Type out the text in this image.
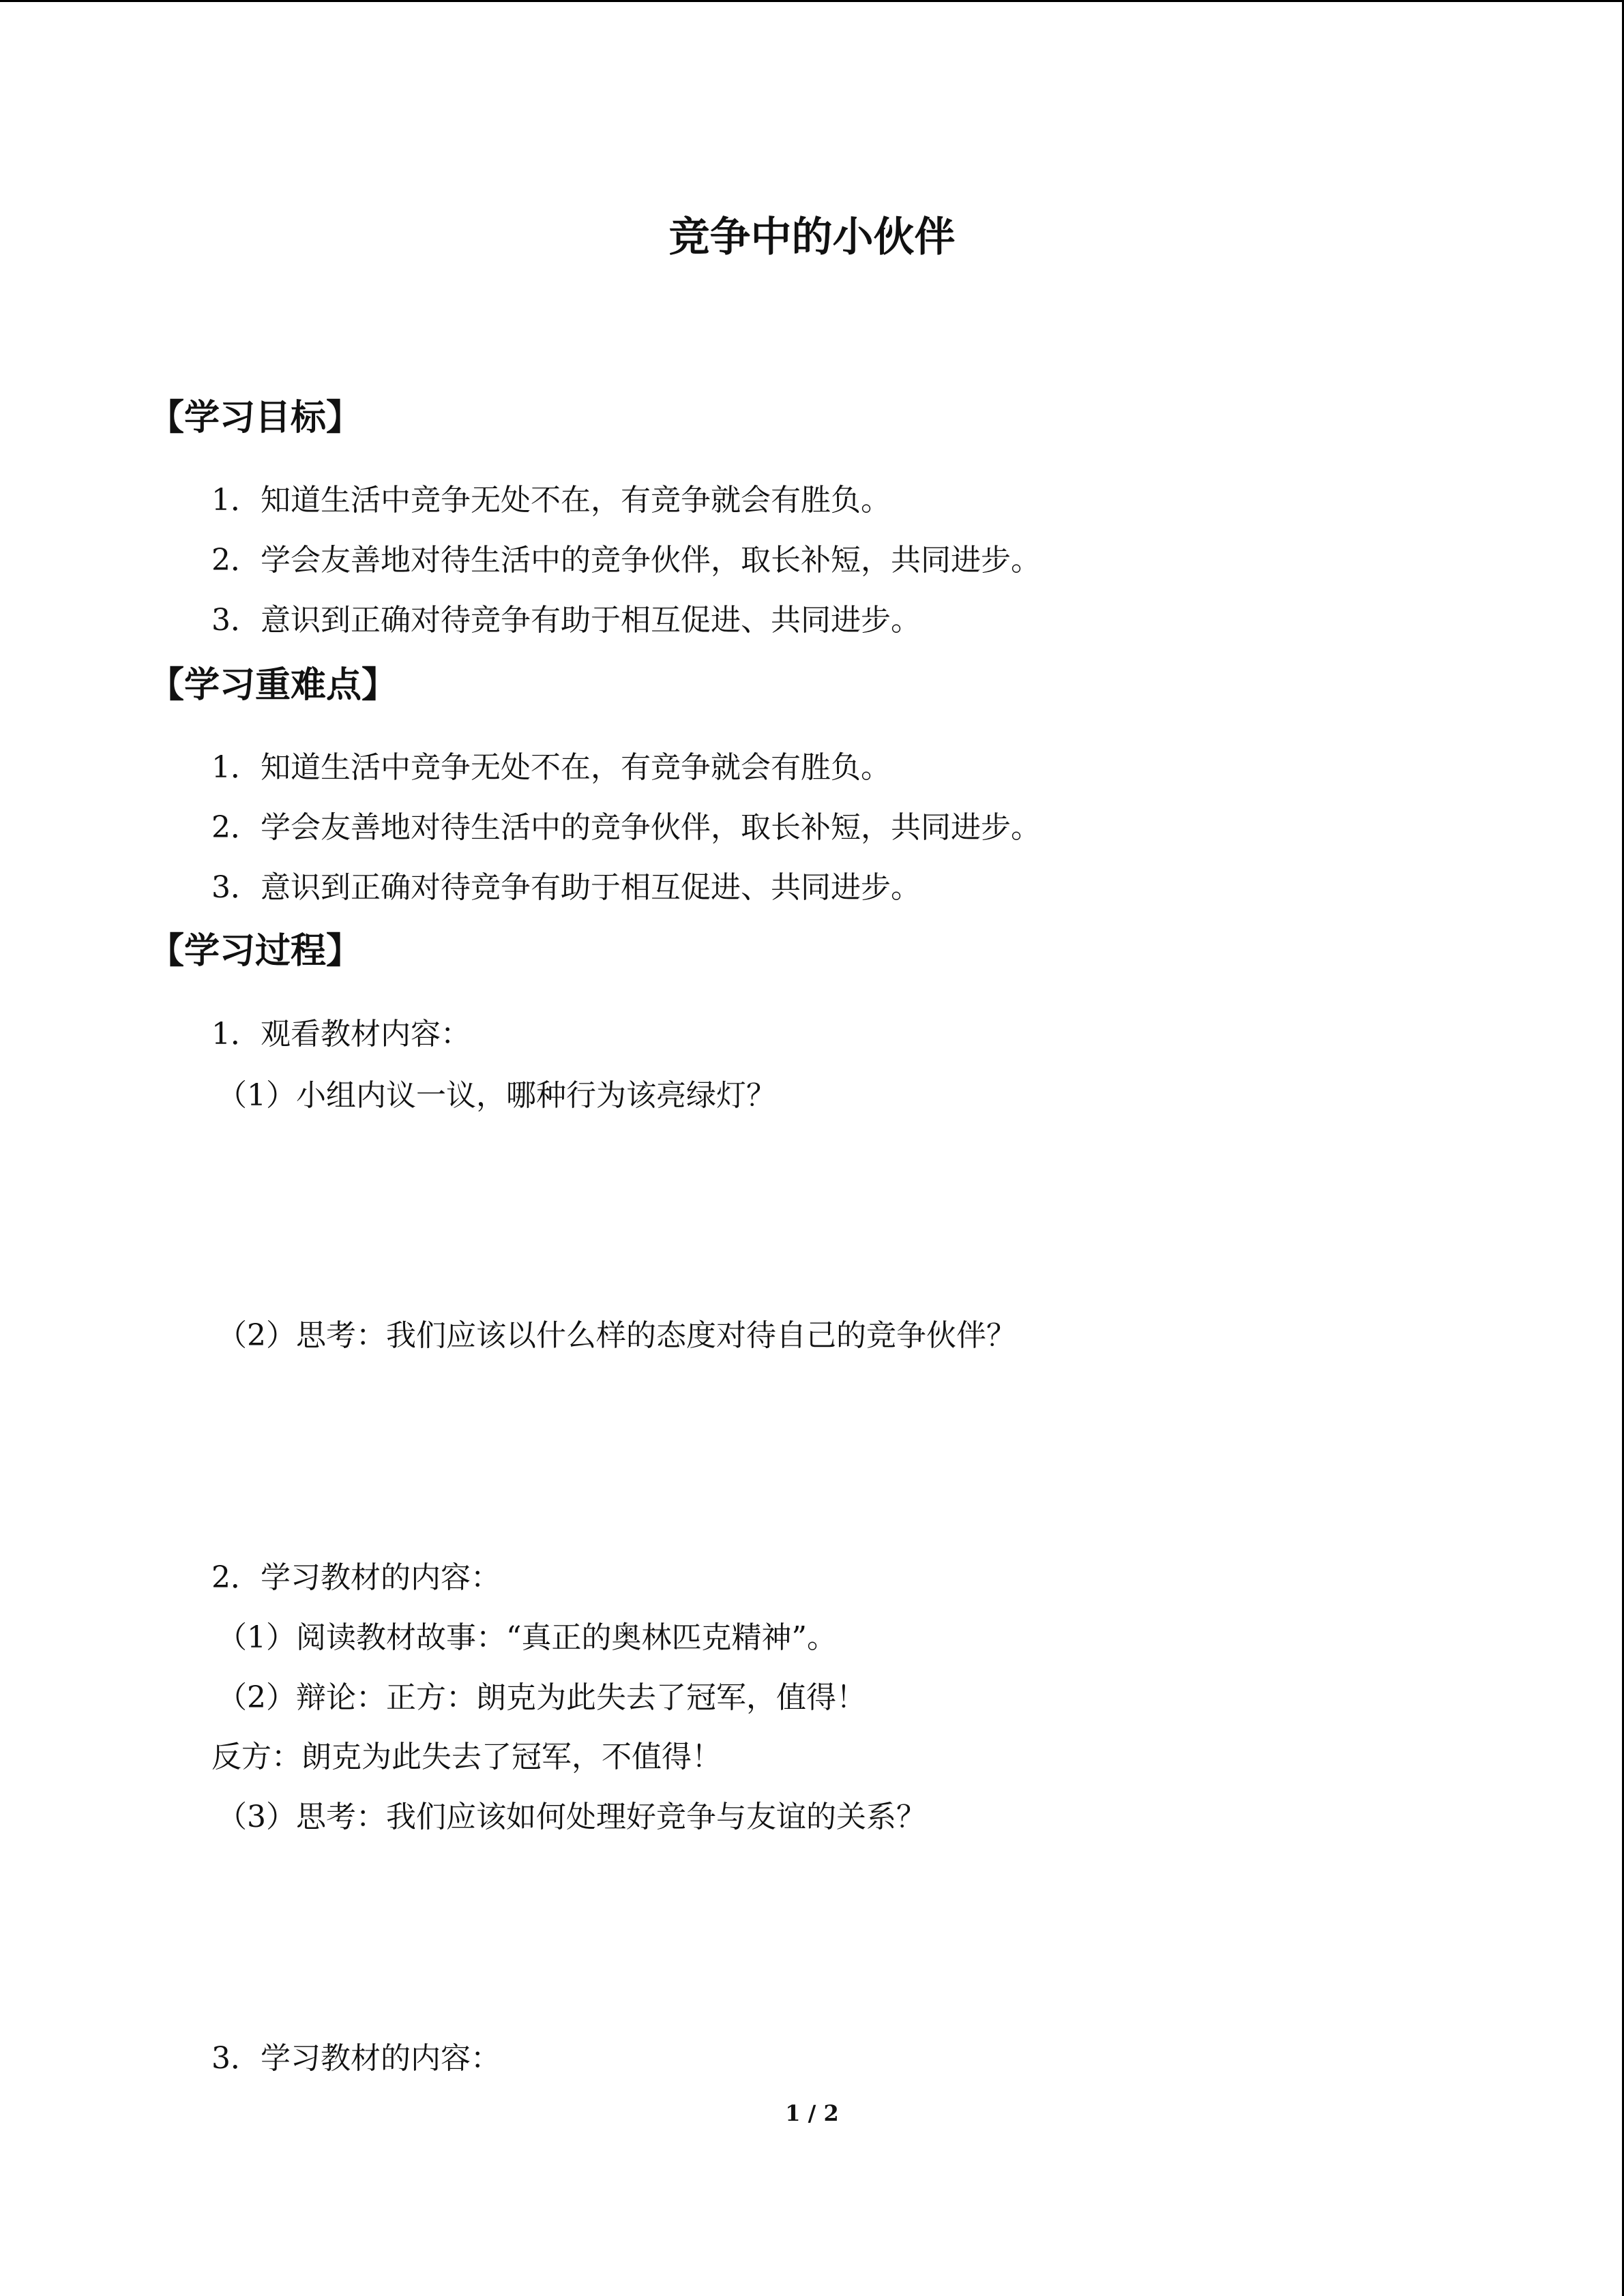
竞争中的小伙伴
【学习目标】
1．知道生活中竞争无处不在，有竞争就会有胜负。
2．学会友善地对待生活中的竞争伙伴，取长补短，共同进步。
3．意识到正确对待竞争有助于相互促进、共同进步。
【学习重难点】
1．知道生活中竞争无处不在，有竞争就会有胜负。
2．学会友善地对待生活中的竞争伙伴，取长补短，共同进步。
3．意识到正确对待竞争有助于相互促进、共同进步。
【学习过程】
1．观看教材内容：
（1）小组内议一议，哪种行为该亮绿灯？
（2）思考：我们应该以什么样的态度对待自己的竞争伙伴？
2．学习教材的内容：
（1）阅读教材故事：“真正的奥林匹克精神”。
（2）辩论：正方：朗克为此失去了冠军，值得！
反方：朗克为此失去了冠军，不值得！
（3）思考：我们应该如何处理好竞争与友谊的关系？
3．学习教材的内容：
1 / 2
